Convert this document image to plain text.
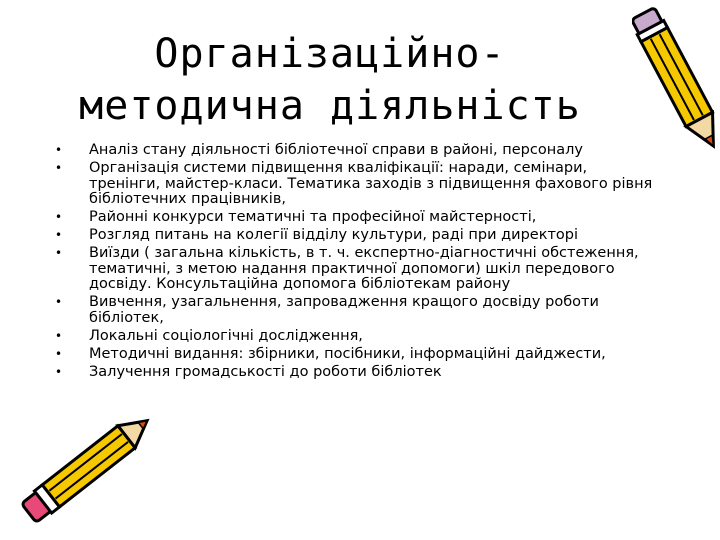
Організаційно-
методична діяльність
• Аналіз стану діяльності бібліотечної справи в районі, персоналу
• Організація системи підвищення кваліфікації: наради, семінари, тренінги, майстер-класи. Тематика заходів з підвищення фахового рівня бібліотечних працівників,
• Районні конкурси тематичні та професійної майстерності,
• Розгляд питань на колегії відділу культури, раді при директорі
• Виїзди ( загальна кількість, в т. ч. експертно-діагностичні обстеження, тематичні, з метою надання практичної допомоги) шкіл передового досвіду. Консультаційна допомога бібліотекам району
• Вивчення, узагальнення, запровадження кращого досвіду роботи бібліотек,
• Локальні соціологічні дослідження,
• Методичні видання: збірники, посібники, інформаційні дайджести,
• Залучення громадськості до роботи бібліотек
